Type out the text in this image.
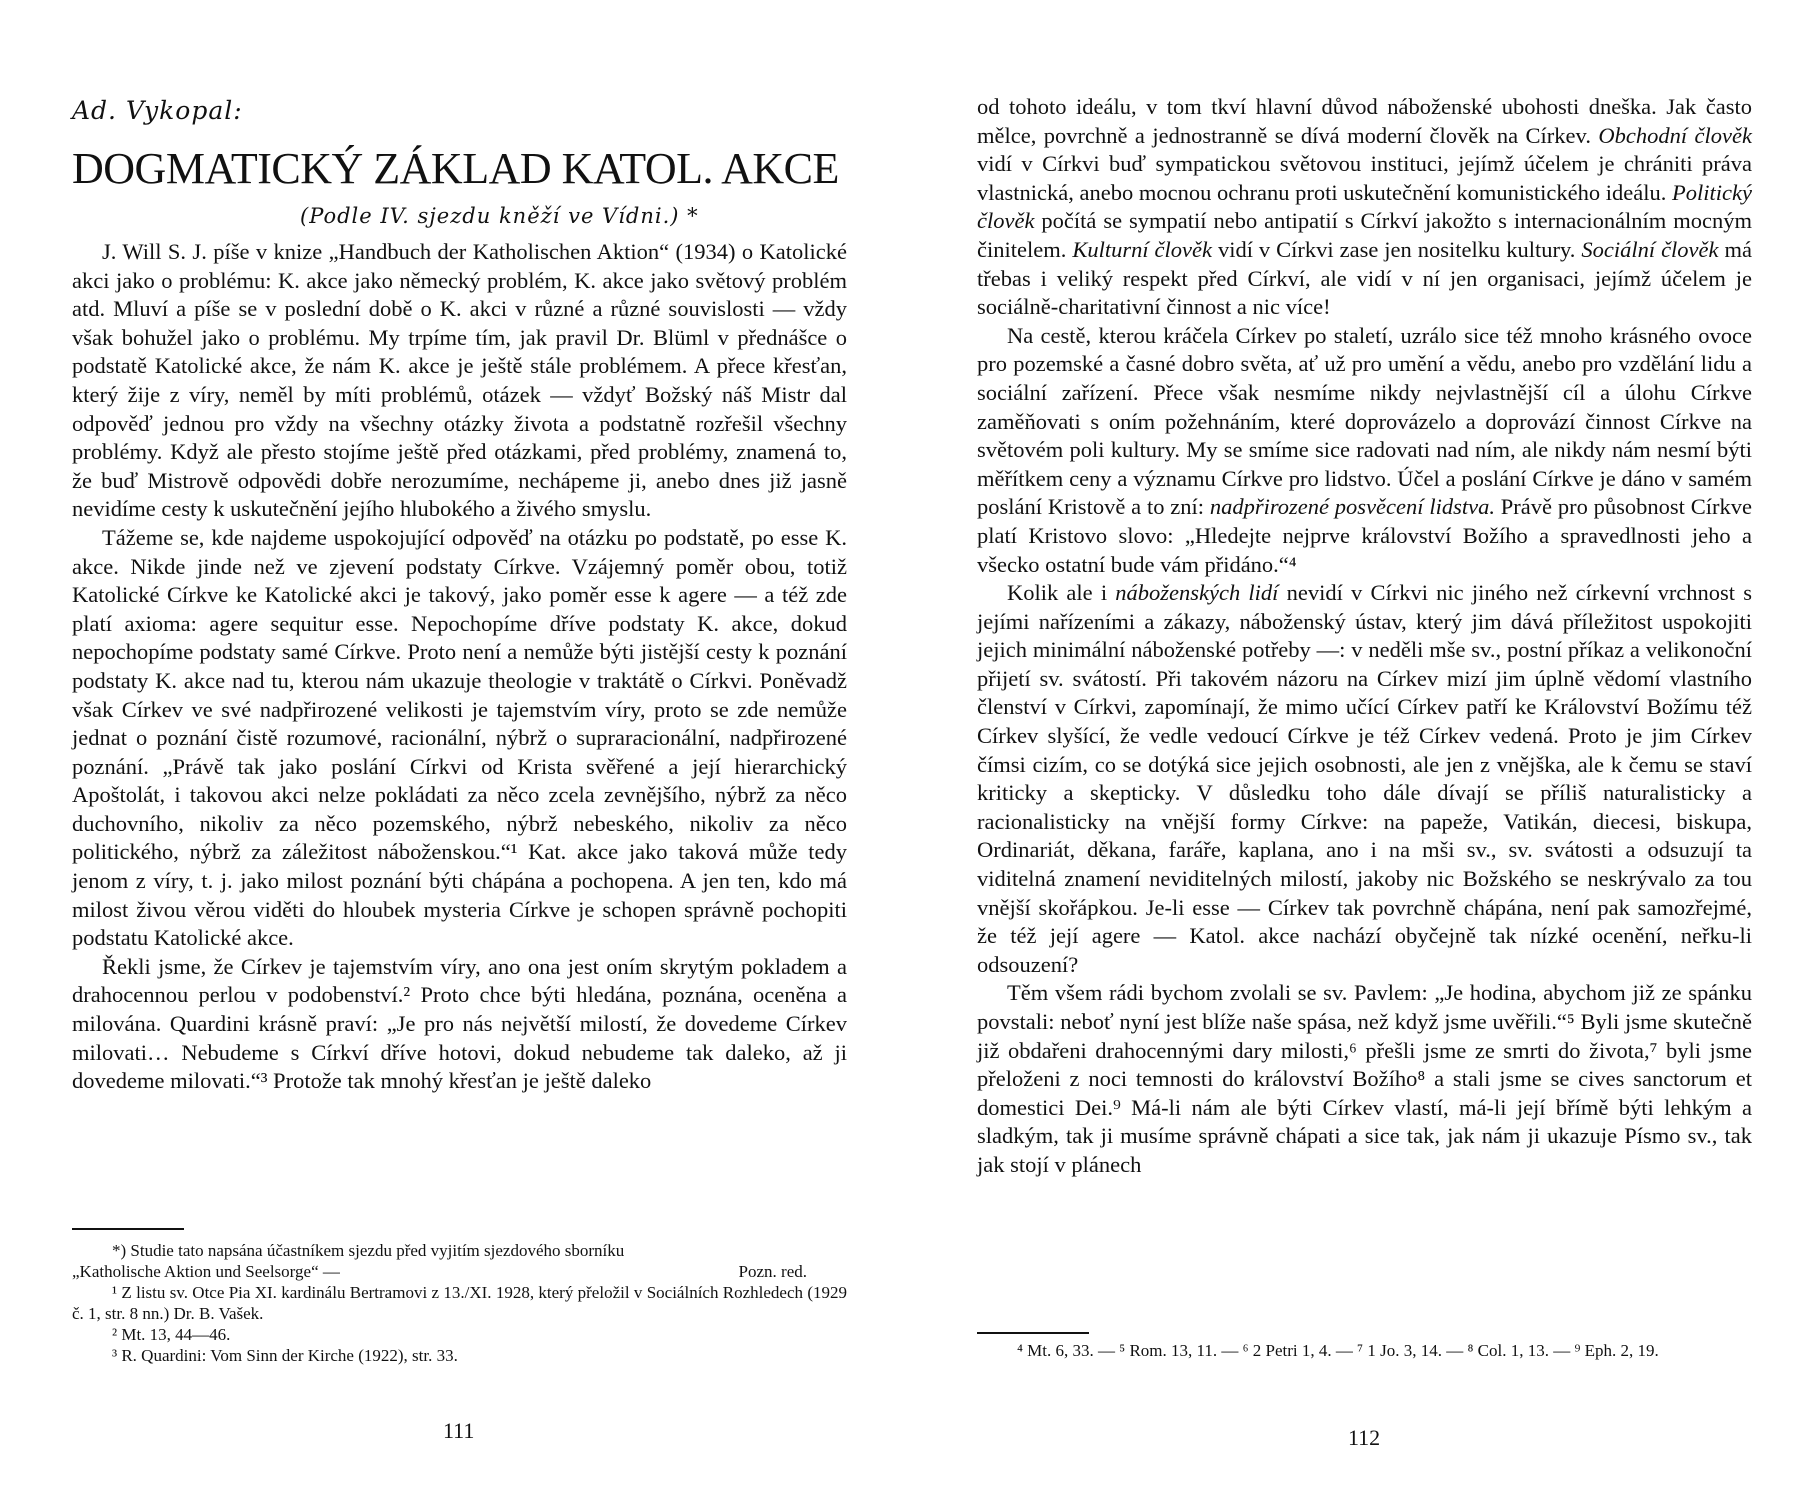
Ad. Vykopal:
DOGMATICKÝ ZÁKLAD KATOL. AKCE
(Podle IV. sjezdu kněží ve Vídni.) *

J. Will S. J. píše v knize „Handbuch der Katholischen Aktion“ (1934) o Katolické akci jako o problému: K. akce jako německý problém, K. akce jako světový problém atd. Mluví a píše se v poslední době o K. akci v různé a různé souvislosti — vždy však bohužel jako o problému. My trpíme tím, jak pravil Dr. Blüml v přednášce o podstatě Katolické akce, že nám K. akce je ještě stále problémem. A přece křesťan, který žije z víry, neměl by míti problémů, otázek — vždyť Božský náš Mistr dal odpověď jednou pro vždy na všechny otázky života a podstatně rozřešil všechny problémy. Když ale přesto stojíme ještě před otázkami, před problémy, znamená to, že buď Mistrově odpovědi dobře nerozumíme, nechápeme ji, anebo dnes již jasně nevidíme cesty k uskutečnění jejího hlubokého a živého smyslu.

Tážeme se, kde najdeme uspokojující odpověď na otázku po podstatě, po esse K. akce. Nikde jinde než ve zjevení podstaty Církve. Vzájemný poměr obou, totiž Katolické Církve ke Katolické akci je takový, jako poměr esse k agere — a též zde platí axioma: agere sequitur esse. Nepochopíme dříve podstaty K. akce, dokud nepochopíme podstaty samé Církve. Proto není a nemůže býti jistější cesty k poznání podstaty K. akce nad tu, kterou nám ukazuje theologie v traktátě o Církvi. Poněvadž však Církev ve své nadpřirozené velikosti je tajemstvím víry, proto se zde nemůže jednat o poznání čistě rozumové, racionální, nýbrž o supraracionální, nadpřirozené poznání. „Právě tak jako poslání Církvi od Krista svěřené a její hierarchický Apoštolát, i takovou akci nelze pokládati za něco zcela zevnějšího, nýbrž za něco duchovního, nikoliv za něco pozemského, nýbrž nebeského, nikoliv za něco politického, nýbrž za záležitost náboženskou.“¹ Kat. akce jako taková může tedy jenom z víry, t. j. jako milost poznání býti chápána a pochopena. A jen ten, kdo má milost živou věrou viděti do hloubek mysteria Církve je schopen správně pochopiti podstatu Katolické akce.

Řekli jsme, že Církev je tajemstvím víry, ano ona jest oním skrytým pokladem a drahocennou perlou v podobenství.² Proto chce býti hledána, poznána, oceněna a milována. Quardini krásně praví: „Je pro nás největší milostí, že dovedeme Církev milovati… Nebudeme s Církví dříve hotovi, dokud nebudeme tak daleko, až ji dovedeme milovati.“³ Protože tak mnohý křesťan je ještě daleko

*) Studie tato napsána účastníkem sjezdu před vyjitím sjezdového sborníku

„Katholische Aktion und Seelsorge“ —	Pozn. red.

¹ Z listu sv. Otce Pia XI. kardinálu Bertramovi z 13./XI. 1928, který přeložil v Sociálních Rozhledech (1929 č. 1, str. 8 nn.) Dr. B. Vašek.

² Mt. 13, 44—46.

³ R. Quardini: Vom Sinn der Kirche (1922), str. 33.

111

od tohoto ideálu, v tom tkví hlavní důvod náboženské ubohosti dneška. Jak často mělce, povrchně a jednostranně se dívá moderní člověk na Církev. Obchodní člověk vidí v Církvi buď sympatickou světovou instituci, jejímž účelem je chrániti práva vlastnická, anebo mocnou ochranu proti uskutečnění komunistického ideálu. Politický člověk počítá se sympatií nebo antipatií s Církví jakožto s internacionálním mocným činitelem. Kulturní člověk vidí v Církvi zase jen nositelku kultury. Sociální člověk má třebas i veliký respekt před Církví, ale vidí v ní jen organisaci, jejímž účelem je sociálně-charitativní činnost a nic více!

Na cestě, kterou kráčela Církev po staletí, uzrálo sice též mnoho krásného ovoce pro pozemské a časné dobro světa, ať už pro umění a vědu, anebo pro vzdělání lidu a sociální zařízení. Přece však nesmíme nikdy nejvlastnější cíl a úlohu Církve zaměňovati s oním požehnáním, které doprovázelo a doprovází činnost Církve na světovém poli kultury. My se smíme sice radovati nad ním, ale nikdy nám nesmí býti měřítkem ceny a významu Církve pro lidstvo. Účel a poslání Církve je dáno v samém poslání Kristově a to zní: nadpřirozené posvěcení lidstva. Právě pro působnost Církve platí Kristovo slovo: „Hledejte nejprve království Božího a spravedlnosti jeho a všecko ostatní bude vám přidáno.“⁴

Kolik ale i náboženských lidí nevidí v Církvi nic jiného než církevní vrchnost s jejími nařízeními a zákazy, náboženský ústav, který jim dává příležitost uspokojiti jejich minimální náboženské potřeby —: v neděli mše sv., postní příkaz a velikonoční přijetí sv. svátostí. Při takovém názoru na Církev mizí jim úplně vědomí vlastního členství v Církvi, zapomínají, že mimo učící Církev patří ke Království Božímu též Církev slyšící, že vedle vedoucí Církve je též Církev vedená. Proto je jim Církev čímsi cizím, co se dotýká sice jejich osobnosti, ale jen z vnějška, ale k čemu se staví kriticky a skepticky. V důsledku toho dále dívají se příliš naturalisticky a racionalisticky na vnější formy Církve: na papeže, Vatikán, diecesi, biskupa, Ordinariát, děkana, faráře, kaplana, ano i na mši sv., sv. svátosti a odsuzují ta viditelná znamení neviditelných milostí, jakoby nic Božského se neskrývalo za tou vnější skořápkou. Je-li esse — Církev tak povrchně chápána, není pak samozřejmé, že též její agere — Katol. akce nachází obyčejně tak nízké ocenění, neřku-li odsouzení?

Těm všem rádi bychom zvolali se sv. Pavlem: „Je hodina, abychom již ze spánku povstali: neboť nyní jest blíže naše spása, než když jsme uvěřili.“⁵ Byli jsme skutečně již obdařeni drahocennými dary milosti,⁶ přešli jsme ze smrti do života,⁷ byli jsme přeloženi z noci temnosti do království Božího⁸ a stali jsme se cives sanctorum et domestici Dei.⁹ Má-li nám ale býti Církev vlastí, má-li její břímě býti lehkým a sladkým, tak ji musíme správně chápati a sice tak, jak nám ji ukazuje Písmo sv., tak jak stojí v plánech

⁴ Mt. 6, 33. — ⁵ Rom. 13, 11. — ⁶ 2 Petri 1, 4. — ⁷ 1 Jo. 3, 14. — ⁸ Col. 1, 13. — ⁹ Eph. 2, 19.

112
